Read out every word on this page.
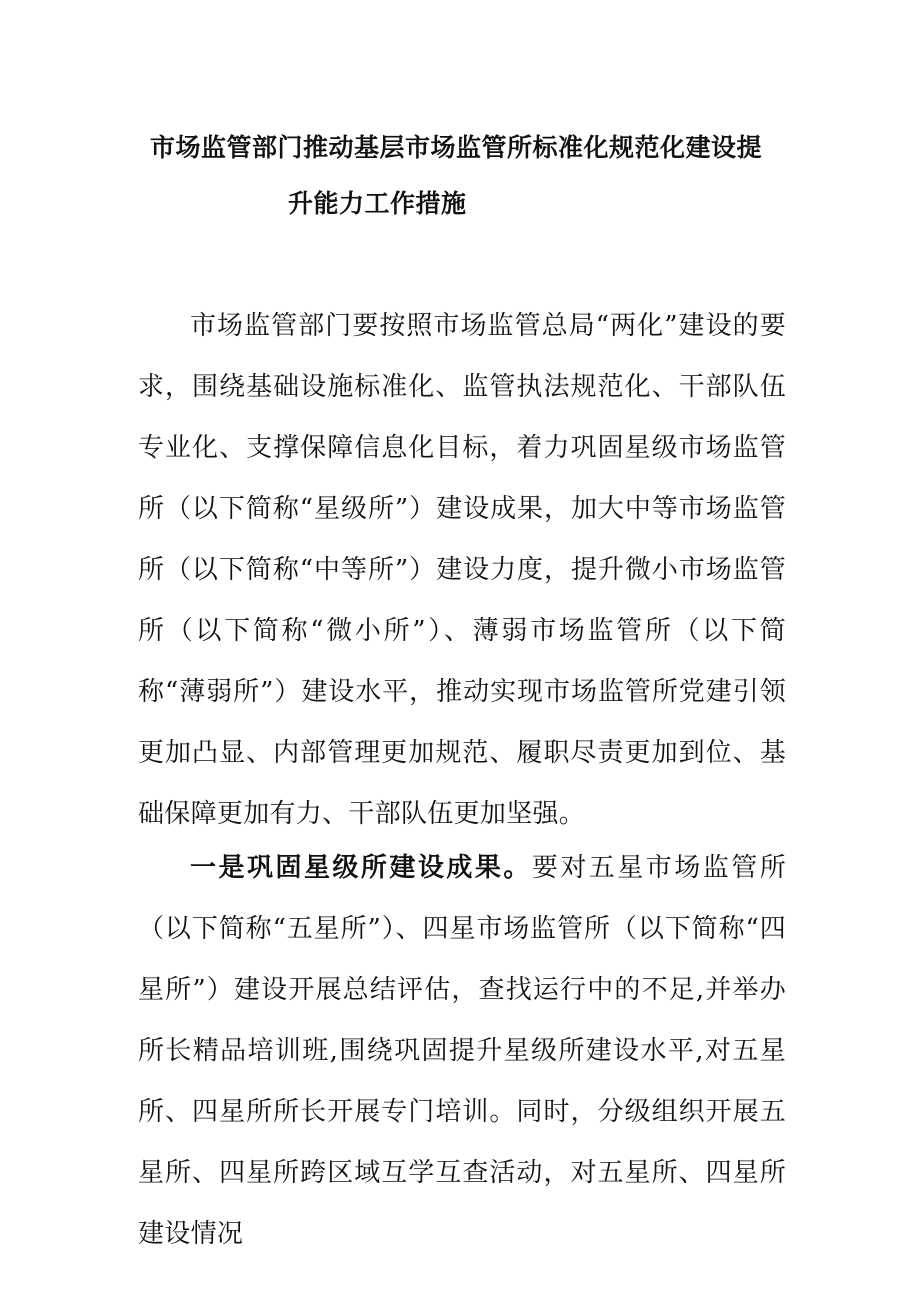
市场监管部门推动基层市场监管所标准化规范化建设提
升能力工作措施

市场监管部门要按照市场监管总局“两化”建设的要求，围绕基础设施标准化、监管执法规范化、干部队伍专业化、支撑保障信息化目标，着力巩固星级市场监管所（以下简称“星级所”）建设成果，加大中等市场监管所（以下简称“中等所”）建设力度，提升微小市场监管所（以下简称“微小所”）、薄弱市场监管所（以下简称“薄弱所”）建设水平，推动实现市场监管所党建引领更加凸显、内部管理更加规范、履职尽责更加到位、基础保障更加有力、干部队伍更加坚强。

一是巩固星级所建设成果。要对五星市场监管所（以下简称“五星所”）、四星市场监管所（以下简称“四星所”）建设开展总结评估，查找运行中的不足,并举办所长精品培训班,围绕巩固提升星级所建设水平,对五星所、四星所所长开展专门培训。同时，分级组织开展五星所、四星所跨区域互学互查活动，对五星所、四星所建设情况
